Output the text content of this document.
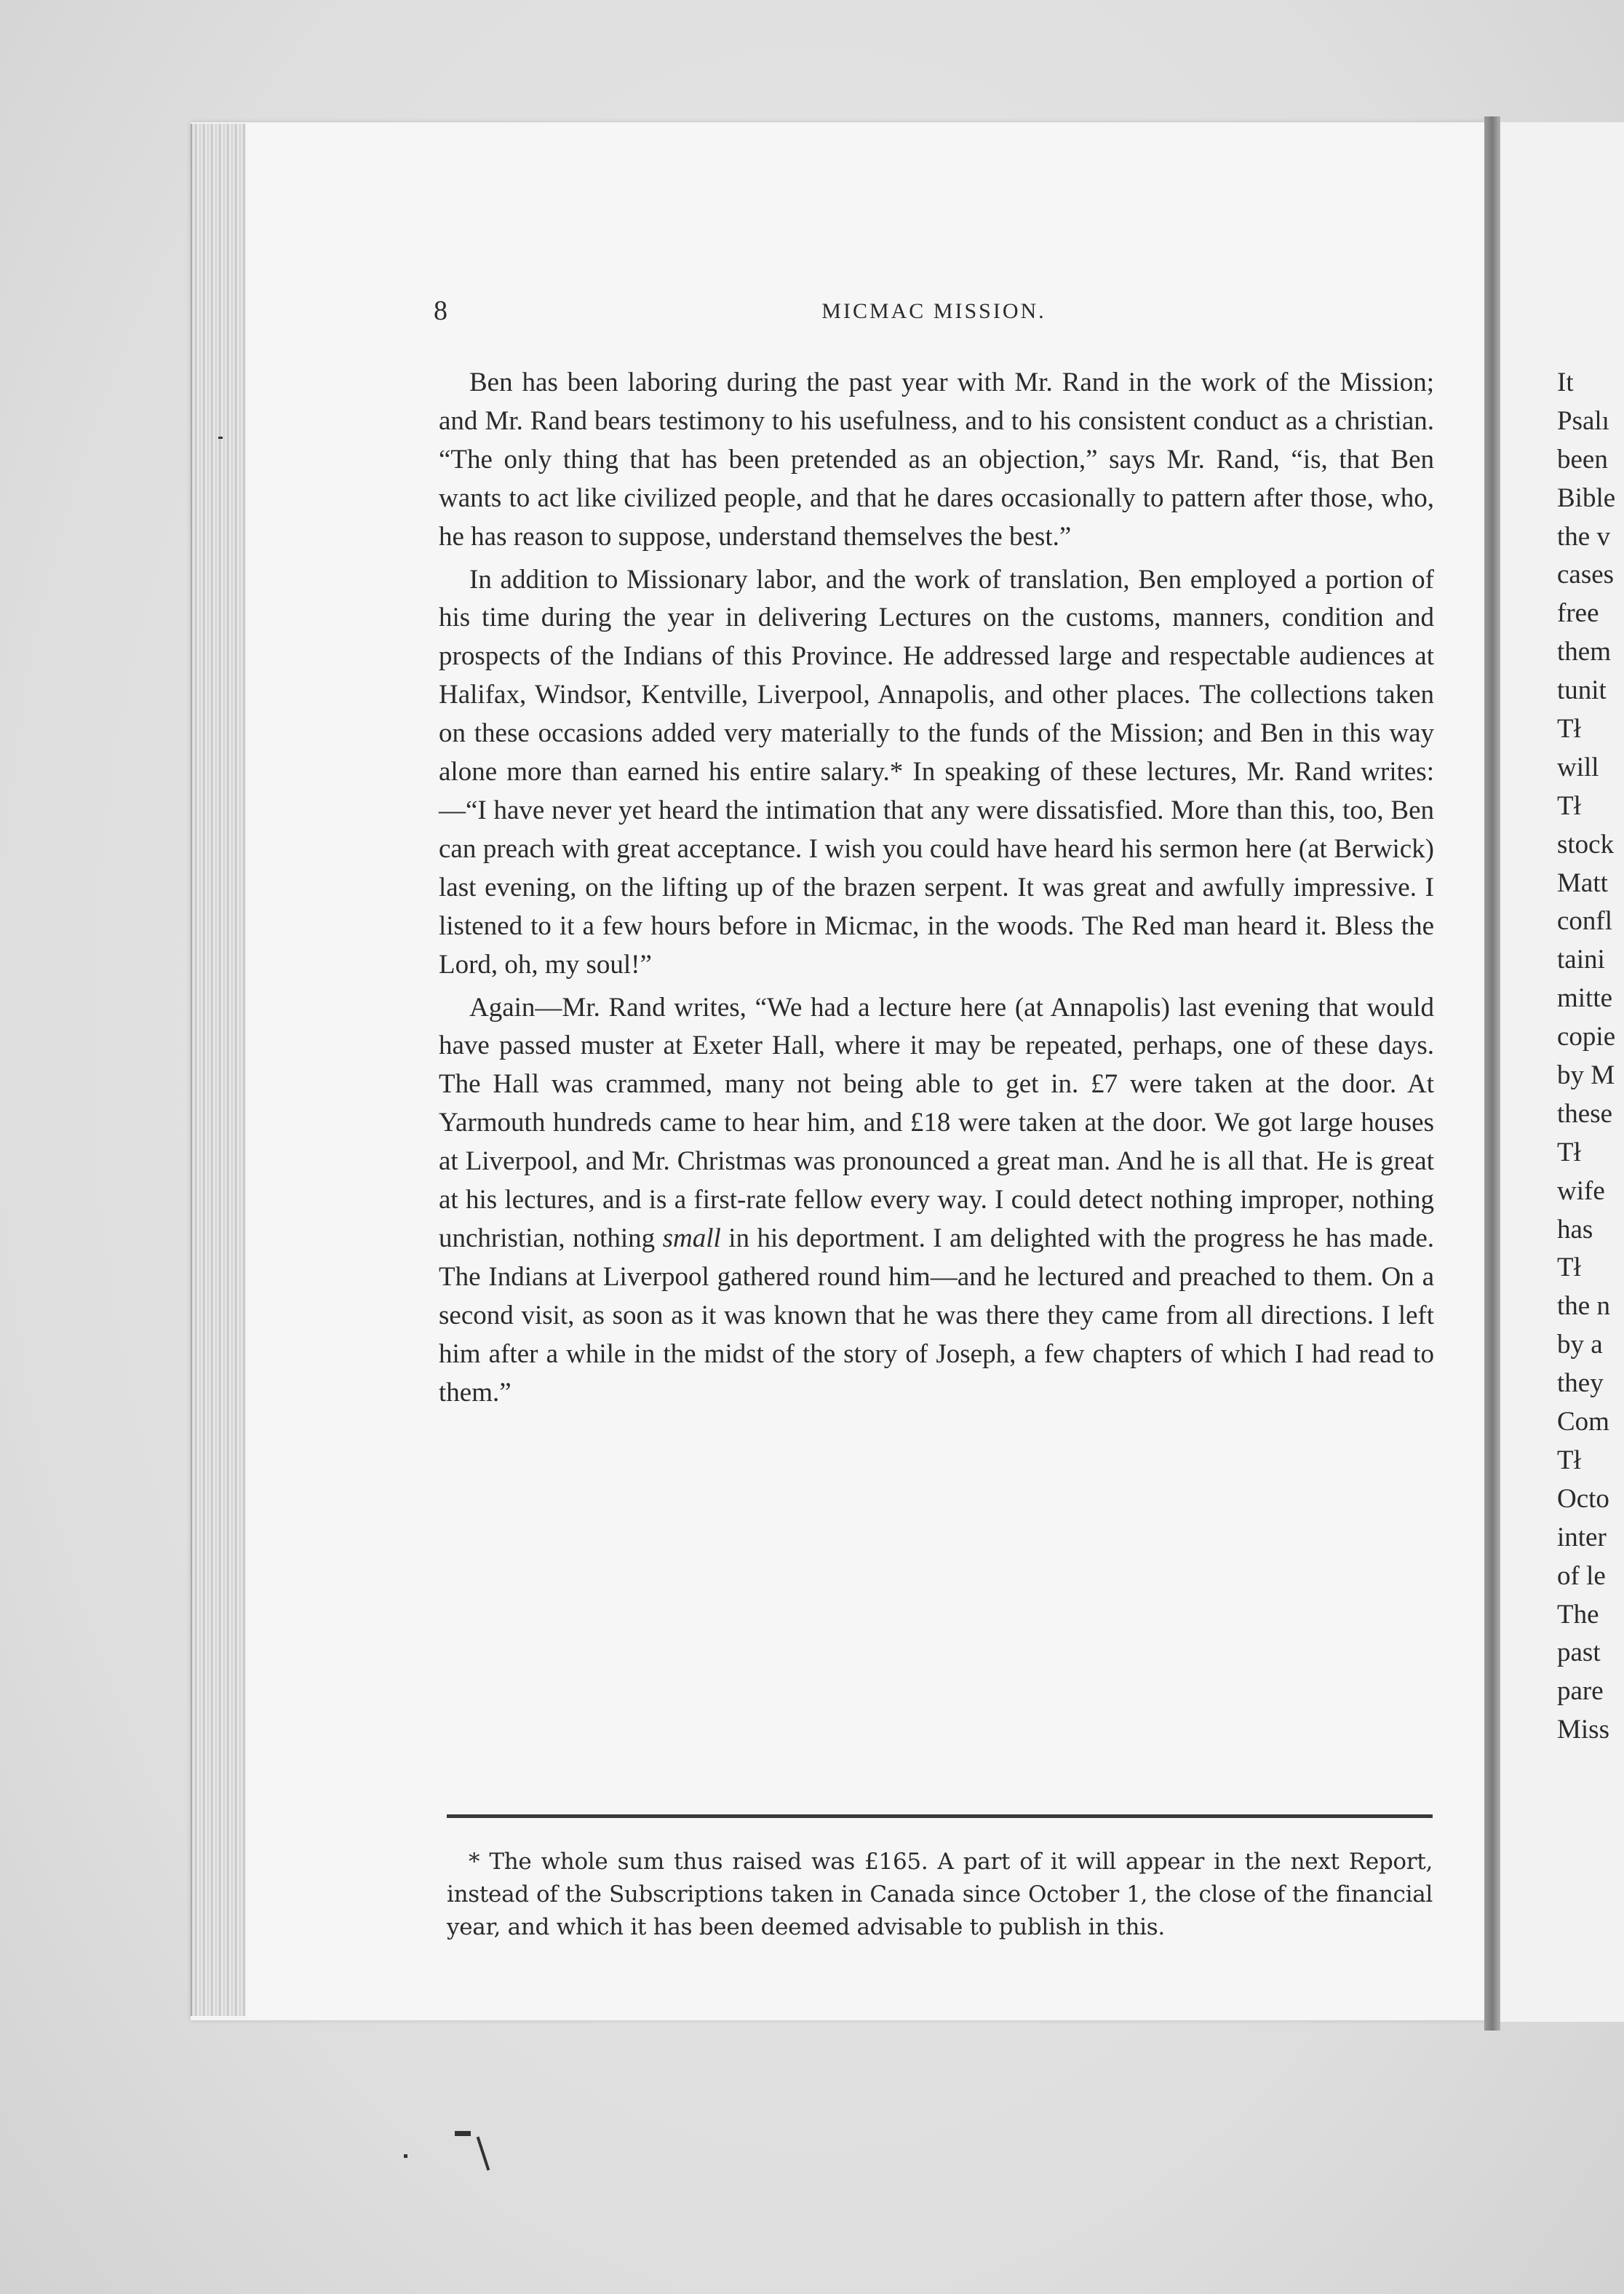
8	MICMAC MISSION.

Ben has been laboring during the past year with Mr. Rand in the work of the Mission; and Mr. Rand bears testimony to his usefulness, and to his consistent conduct as a christian. “The only thing that has been pretended as an objection,” says Mr. Rand, “is, that Ben wants to act like civilized people, and that he dares occasionally to pattern after those, who, he has reason to suppose, understand themselves the best.”

In addition to Missionary labor, and the work of translation, Ben employed a portion of his time during the year in delivering Lectures on the customs, manners, condition and prospects of the Indians of this Province. He addressed large and respectable audiences at Halifax, Windsor, Kentville, Liverpool, Annapolis, and other places. The collections taken on these occasions added very materially to the funds of the Mission; and Ben in this way alone more than earned his entire salary.* In speaking of these lectures, Mr. Rand writes:—“I have never yet heard the intimation that any were dissatisfied. More than this, too, Ben can preach with great acceptance. I wish you could have heard his sermon here (at Berwick) last evening, on the lifting up of the brazen serpent. It was great and awfully impressive. I listened to it a few hours before in Micmac, in the woods. The Red man heard it. Bless the Lord, oh, my soul!”

Again—Mr. Rand writes, “We had a lecture here (at Annapolis) last evening that would have passed muster at Exeter Hall, where it may be repeated, perhaps, one of these days. The Hall was crammed, many not being able to get in. £7 were taken at the door. At Yarmouth hundreds came to hear him, and £18 were taken at the door. We got large houses at Liverpool, and Mr. Christmas was pronounced a great man. And he is all that. He is great at his lectures, and is a first-rate fellow every way. I could detect nothing improper, nothing unchristian, nothing small in his deportment. I am delighted with the progress he has made. The Indians at Liverpool gathered round him—and he lectured and preached to them. On a second visit, as soon as it was known that he was there they came from all directions. I left him after a while in the midst of the story of Joseph, a few chapters of which I had read to them.”

* The whole sum thus raised was £165. A part of it will appear in the next Report, instead of the Subscriptions taken in Canada since October 1, the close of the financial year, and which it has been deemed advisable to publish in this.

It
Psalı
been
Bible
the v
cases
free
them
tunit
Tł
will
Tł
stock
Matt
confl
taini
mitte
copie
by M
these
Tł
wife
has
Tł
the n
by a
they
Com
Tł
Octo
inter
of le
The
past
pare
Miss
